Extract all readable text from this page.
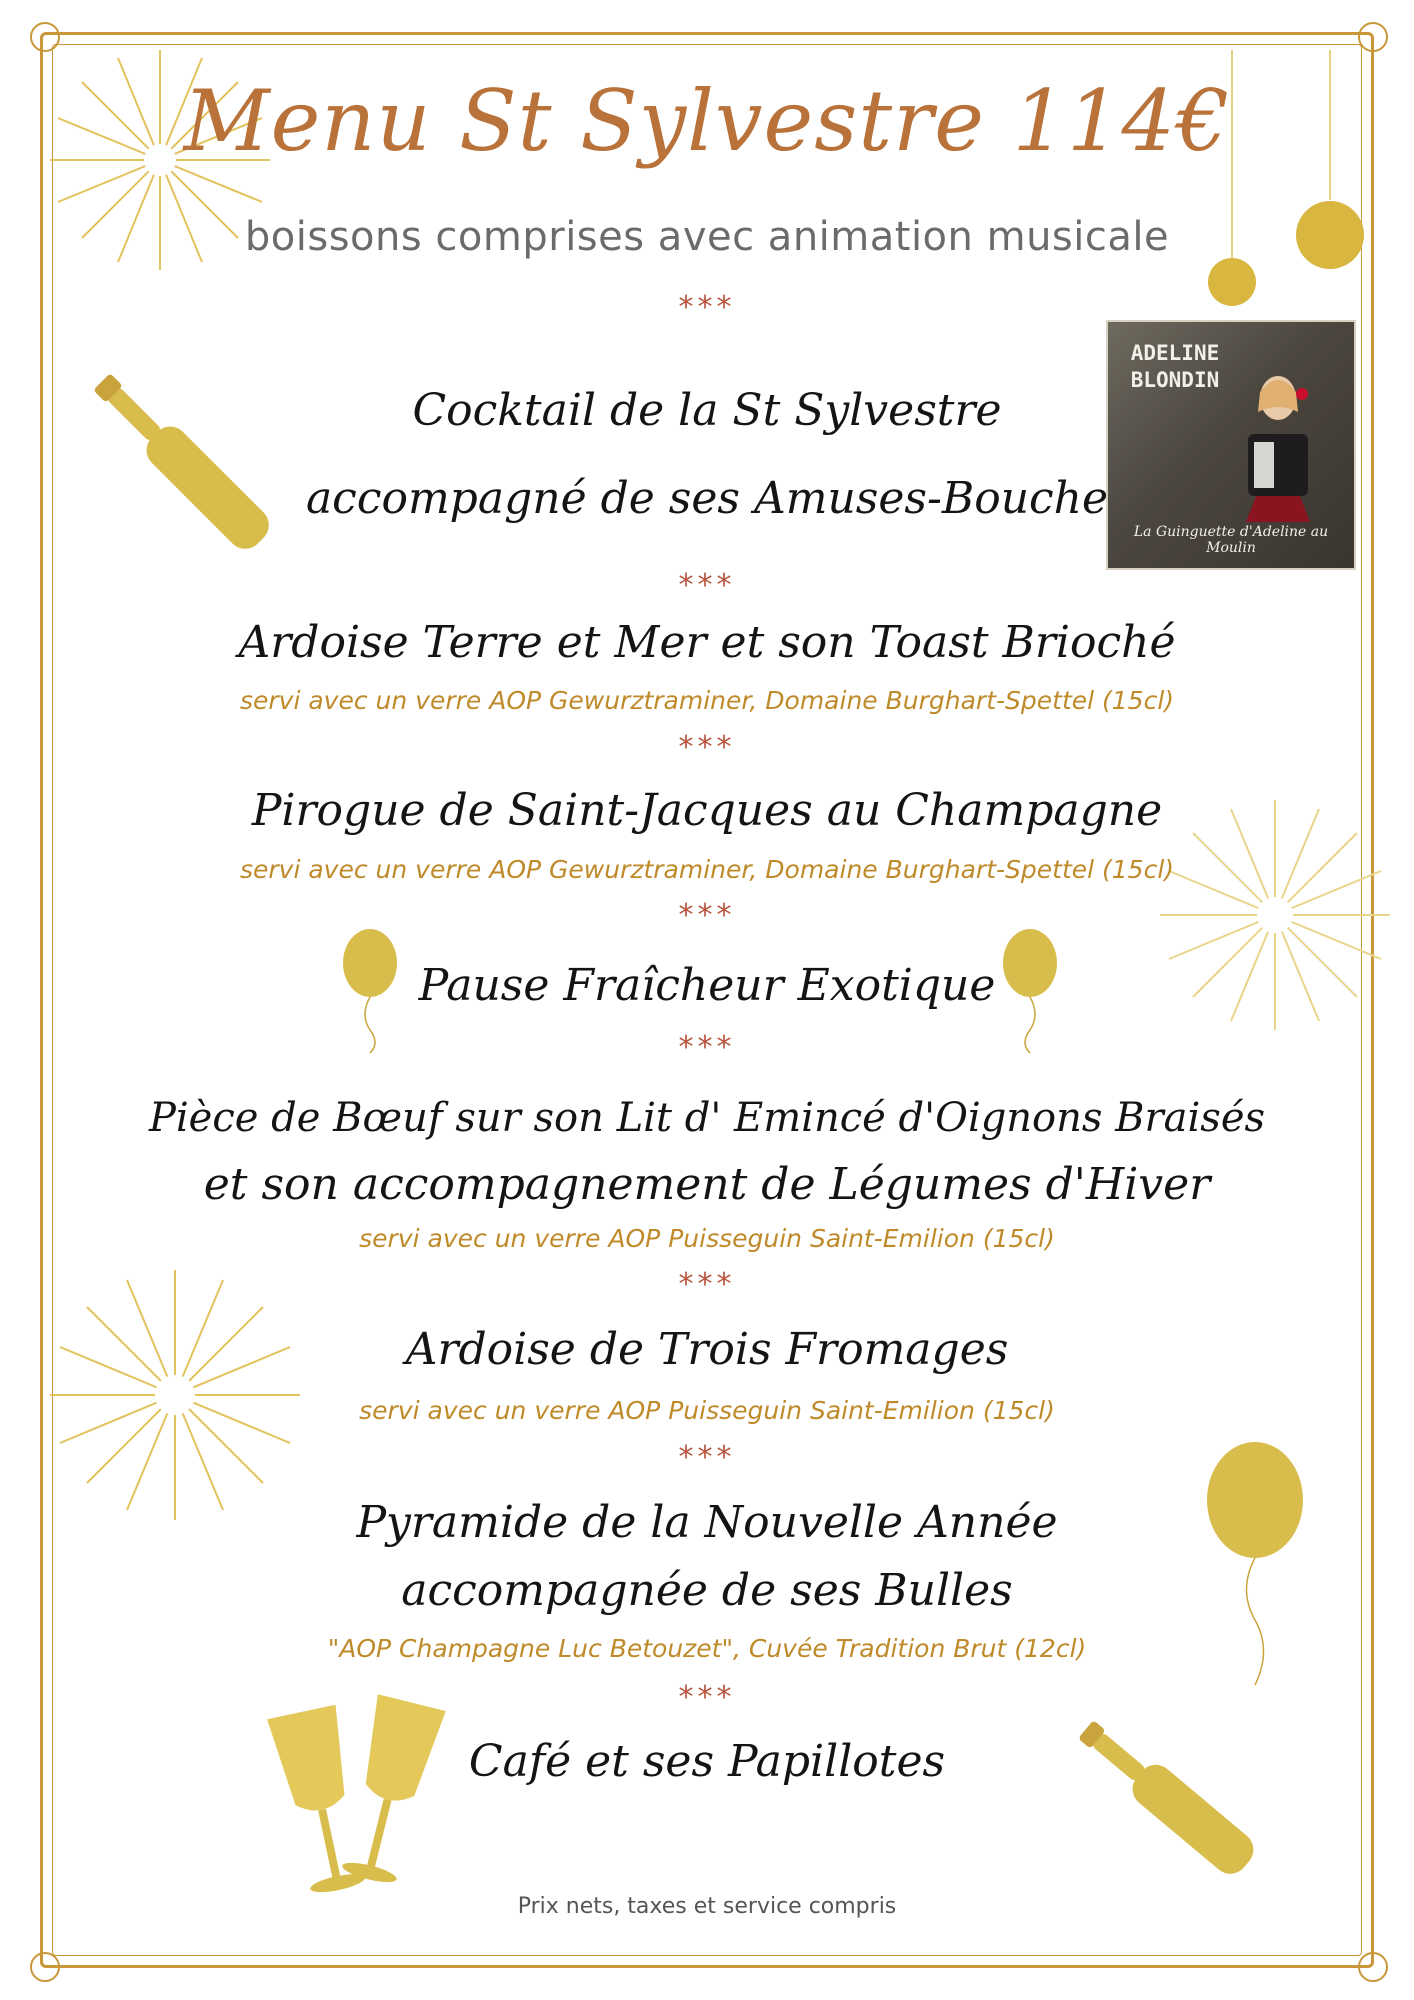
ADELINE
BLONDIN
La Guinguette d'Adeline au Moulin
Menu St Sylvestre 114€
boissons comprises avec animation musicale
***
Cocktail de la St Sylvestre
accompagné de ses Amuses-Bouche
***
Ardoise Terre et Mer et son Toast Brioché
servi avec un verre AOP Gewurztraminer, Domaine Burghart-Spettel (15cl)
***
Pirogue de Saint-Jacques au Champagne
servi avec un verre AOP Gewurztraminer, Domaine Burghart-Spettel (15cl)
***
Pause Fraîcheur Exotique
***
Pièce de Bœuf sur son Lit d' Emincé d'Oignons Braisés
et son accompagnement de Légumes d'Hiver
servi avec un verre AOP Puisseguin Saint-Emilion (15cl)
***
Ardoise de Trois Fromages
servi avec un verre AOP Puisseguin Saint-Emilion (15cl)
***
Pyramide de la Nouvelle Année
accompagnée de ses Bulles
"AOP Champagne Luc Betouzet", Cuvée Tradition Brut (12cl)
***
Café et ses Papillotes
Prix nets, taxes et service compris
